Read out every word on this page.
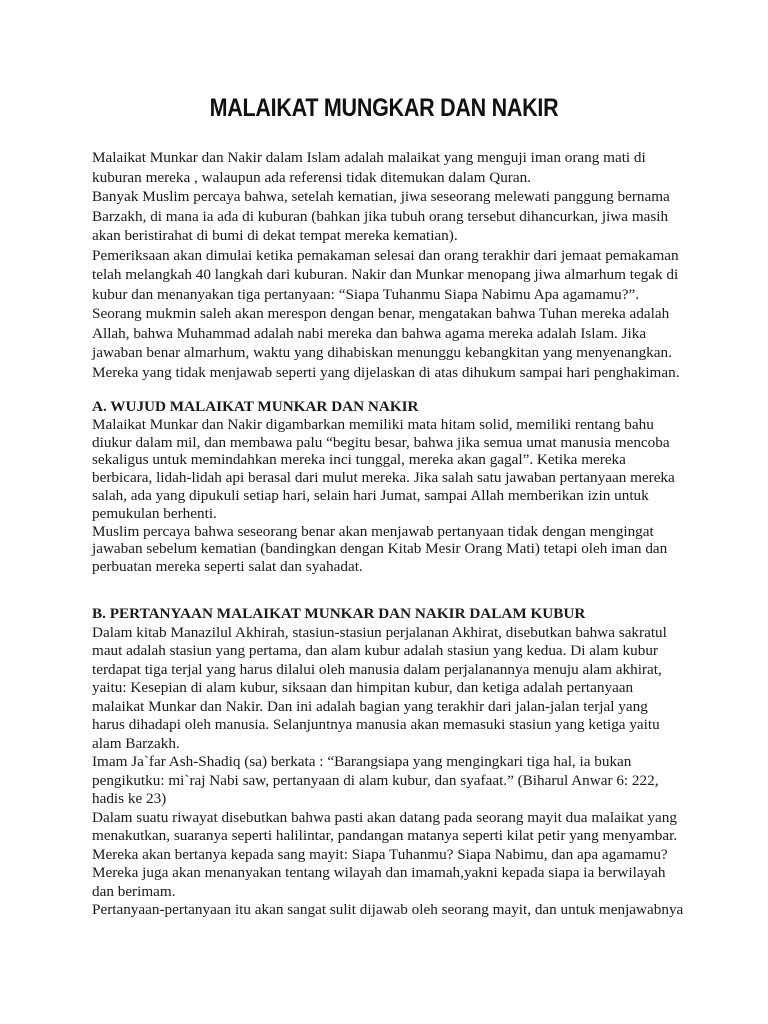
MALAIKAT MUNGKAR DAN NAKIR
Malaikat Munkar dan Nakir dalam Islam adalah malaikat yang menguji iman orang mati di
kuburan mereka , walaupun ada referensi tidak ditemukan dalam Quran.
Banyak Muslim percaya bahwa, setelah kematian, jiwa seseorang melewati panggung bernama
Barzakh, di mana ia ada di kuburan (bahkan jika tubuh orang tersebut dihancurkan, jiwa masih
akan beristirahat di bumi di dekat tempat mereka kematian).
Pemeriksaan akan dimulai ketika pemakaman selesai dan orang terakhir dari jemaat pemakaman
telah melangkah 40 langkah dari kuburan. Nakir dan Munkar menopang jiwa almarhum tegak di
kubur dan menanyakan tiga pertanyaan: “Siapa Tuhanmu Siapa Nabimu Apa agamamu?”.
Seorang mukmin saleh akan merespon dengan benar, mengatakan bahwa Tuhan mereka adalah
Allah, bahwa Muhammad adalah nabi mereka dan bahwa agama mereka adalah Islam. Jika
jawaban benar almarhum, waktu yang dihabiskan menunggu kebangkitan yang menyenangkan.
Mereka yang tidak menjawab seperti yang dijelaskan di atas dihukum sampai hari penghakiman.
A. WUJUD MALAIKAT MUNKAR DAN NAKIR
Malaikat Munkar dan Nakir digambarkan memiliki mata hitam solid, memiliki rentang bahu
diukur dalam mil, dan membawa palu “begitu besar, bahwa jika semua umat manusia mencoba
sekaligus untuk memindahkan mereka inci tunggal, mereka akan gagal”. Ketika mereka
berbicara, lidah-lidah api berasal dari mulut mereka. Jika salah satu jawaban pertanyaan mereka
salah, ada yang dipukuli setiap hari, selain hari Jumat, sampai Allah memberikan izin untuk
pemukulan berhenti.
Muslim percaya bahwa seseorang benar akan menjawab pertanyaan tidak dengan mengingat
jawaban sebelum kematian (bandingkan dengan Kitab Mesir Orang Mati) tetapi oleh iman dan
perbuatan mereka seperti salat dan syahadat.
B. PERTANYAAN MALAIKAT MUNKAR DAN NAKIR DALAM KUBUR
Dalam kitab Manazilul Akhirah, stasiun-stasiun perjalanan Akhirat, disebutkan bahwa sakratul
maut adalah stasiun yang pertama, dan alam kubur adalah stasiun yang kedua. Di alam kubur
terdapat tiga terjal yang harus dilalui oleh manusia dalam perjalanannya menuju alam akhirat,
yaitu: Kesepian di alam kubur, siksaan dan himpitan kubur, dan ketiga adalah pertanyaan
malaikat Munkar dan Nakir. Dan ini adalah bagian yang terakhir dari jalan-jalan terjal yang
harus dihadapi oleh manusia. Selanjuntnya manusia akan memasuki stasiun yang ketiga yaitu
alam Barzakh.
Imam Ja`far Ash-Shadiq (sa) berkata : “Barangsiapa yang mengingkari tiga hal, ia bukan
pengikutku: mi`raj Nabi saw, pertanyaan di alam kubur, dan syafaat.” (Biharul Anwar 6: 222,
hadis ke 23)
Dalam suatu riwayat disebutkan bahwa pasti akan datang pada seorang mayit dua malaikat yang
menakutkan, suaranya seperti halilintar, pandangan matanya seperti kilat petir yang menyambar.
Mereka akan bertanya kepada sang mayit: Siapa Tuhanmu? Siapa Nabimu, dan apa agamamu?
Mereka juga akan menanyakan tentang wilayah dan imamah,yakni kepada siapa ia berwilayah
dan berimam.
Pertanyaan-pertanyaan itu akan sangat sulit dijawab oleh seorang mayit, dan untuk menjawabnya
